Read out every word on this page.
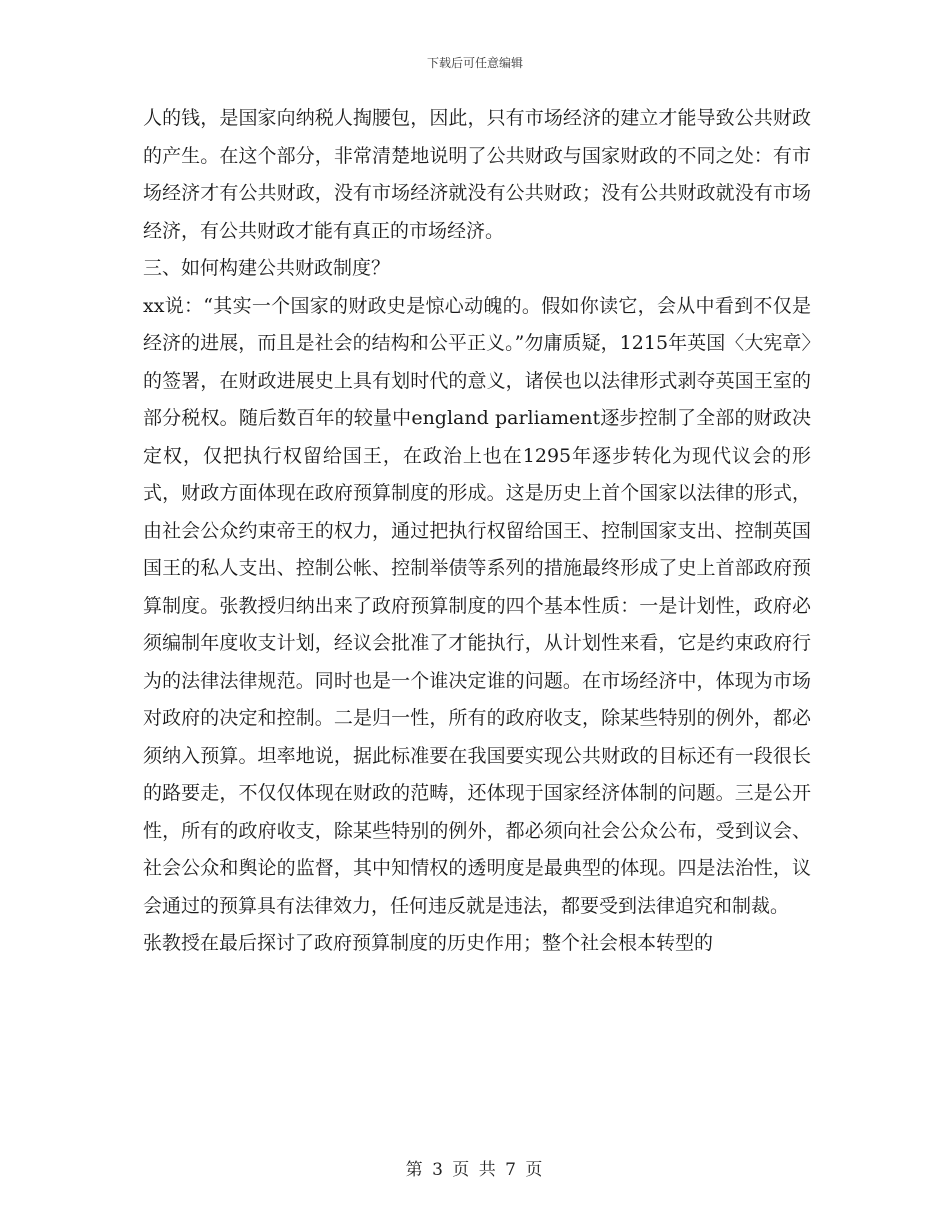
下载后可任意编辑

人的钱，是国家向纳税人掏腰包，因此，只有市场经济的建立才能导致公共财政的产生。在这个部分，非常清楚地说明了公共财政与国家财政的不同之处：有市场经济才有公共财政，没有市场经济就没有公共财政；没有公共财政就没有市场经济，有公共财政才能有真正的市场经济。

三、如何构建公共财政制度？

xx说：“其实一个国家的财政史是惊心动魄的。假如你读它，会从中看到不仅是经济的进展，而且是社会的结构和公平正义。”勿庸质疑，1215年英国〈大宪章〉的签署，在财政进展史上具有划时代的意义，诸侯也以法律形式剥夺英国王室的部分税权。随后数百年的较量中england parliament逐步控制了全部的财政决定权，仅把执行权留给国王，在政治上也在1295年逐步转化为现代议会的形式，财政方面体现在政府预算制度的形成。这是历史上首个国家以法律的形式，由社会公众约束帝王的权力，通过把执行权留给国王、控制国家支出、控制英国国王的私人支出、控制公帐、控制举债等系列的措施最终形成了史上首部政府预算制度。张教授归纳出来了政府预算制度的四个基本性质：一是计划性，政府必须编制年度收支计划，经议会批准了才能执行，从计划性来看，它是约束政府行为的法律法律规范。同时也是一个谁决定谁的问题。在市场经济中，体现为市场对政府的决定和控制。二是归一性，所有的政府收支，除某些特别的例外，都必须纳入预算。坦率地说，据此标准要在我国要实现公共财政的目标还有一段很长的路要走，不仅仅体现在财政的范畴，还体现于国家经济体制的问题。三是公开性，所有的政府收支，除某些特别的例外，都必须向社会公众公布，受到议会、社会公众和舆论的监督，其中知情权的透明度是最典型的体现。四是法治性，议会通过的预算具有法律效力，任何违反就是违法，都要受到法律追究和制裁。

张教授在最后探讨了政府预算制度的历史作用；整个社会根本转型的

第 3 页 共 7 页
